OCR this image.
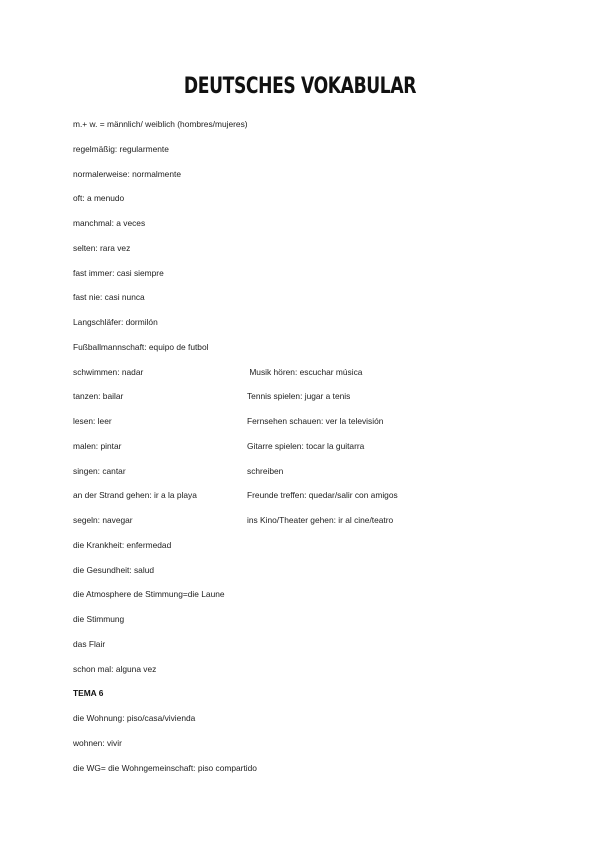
DEUTSCHES VOKABULAR
m.+ w. = männlich/ weiblich (hombres/mujeres)
regelmäßig: regularmente
normalerweise: normalmente
oft: a menudo
manchmal: a veces
selten: rara vez
fast immer: casi siempre
fast nie: casi nunca
Langschläfer: dormilón
Fußballmannschaft: equipo de futbol
schwimmen: nadar	Musik hören: escuchar música
tanzen: bailar	Tennis spielen: jugar a tenis
lesen: leer	Fernsehen schauen: ver la televisión
malen: pintar	Gitarre spielen: tocar la guitarra
singen: cantar	schreiben
an der Strand gehen: ir a la playa	Freunde treffen: quedar/salir con amigos
segeln: navegar	ins Kino/Theater gehen: ir al cine/teatro
die Krankheit: enfermedad
die Gesundheit: salud
die Atmosphere de Stimmung=die Laune
die Stimmung
das Flair
schon mal: alguna vez
TEMA 6
die Wohnung: piso/casa/vivienda
wohnen: vivir
die WG= die Wohngemeinschaft: piso compartido
